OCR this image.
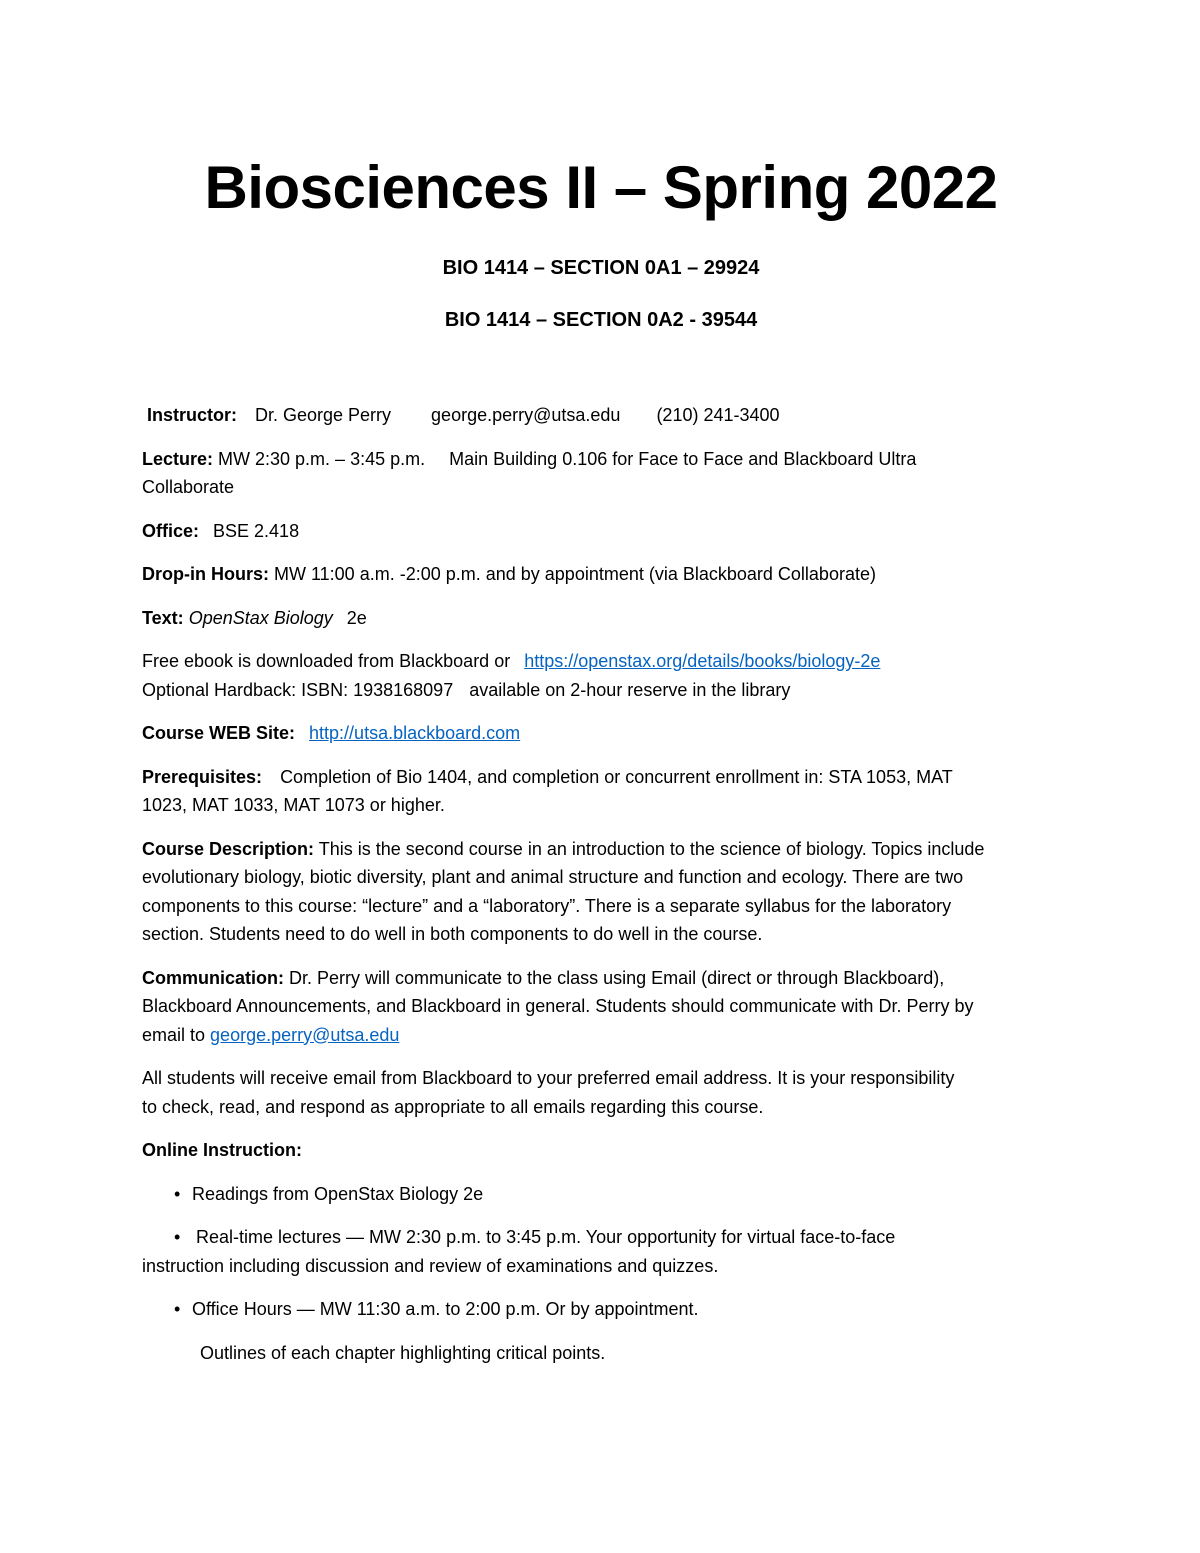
Biosciences II – Spring 2022

BIO 1414 – SECTION 0A1 – 29924

BIO 1414 – SECTION 0A2 - 39544

Instructor: Dr. George Perry george.perry@utsa.edu (210) 241-3400

Lecture: MW 2:30 p.m. – 3:45 p.m. Main Building 0.106 for Face to Face and Blackboard Ultra
Collaborate

Office: BSE 2.418

Drop-in Hours: MW 11:00 a.m. -2:00 p.m. and by appointment (via Blackboard Collaborate)

Text: OpenStax Biology 2e

Free ebook is downloaded from Blackboard or https://openstax.org/details/books/biology-2e
Optional Hardback: ISBN: 1938168097 available on 2-hour reserve in the library

Course WEB Site: http://utsa.blackboard.com

Prerequisites: Completion of Bio 1404, and completion or concurrent enrollment in: STA 1053, MAT
1023, MAT 1033, MAT 1073 or higher.

Course Description: This is the second course in an introduction to the science of biology. Topics include
evolutionary biology, biotic diversity, plant and animal structure and function and ecology. There are two
components to this course: “lecture” and a “laboratory”. There is a separate syllabus for the laboratory
section. Students need to do well in both components to do well in the course.

Communication: Dr. Perry will communicate to the class using Email (direct or through Blackboard),
Blackboard Announcements, and Blackboard in general. Students should communicate with Dr. Perry by
email to george.perry@utsa.edu

All students will receive email from Blackboard to your preferred email address. It is your responsibility
to check, read, and respond as appropriate to all emails regarding this course.

Online Instruction:

• Readings from OpenStax Biology 2e

• Real-time lectures — MW 2:30 p.m. to 3:45 p.m. Your opportunity for virtual face-to-face
instruction including discussion and review of examinations and quizzes.

• Office Hours — MW 11:30 a.m. to 2:00 p.m. Or by appointment.

Outlines of each chapter highlighting critical points.
